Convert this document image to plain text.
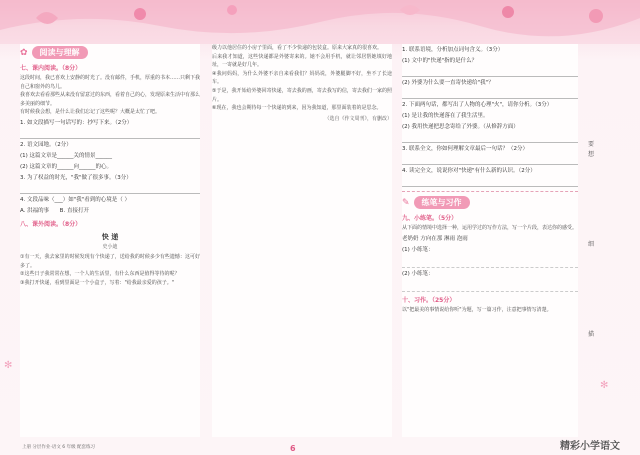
✿	阅读与理解
七、课内阅读。（8分）

这段时间，我已喜欢上安静的时光了。没有邮件，手机，厚重的书本……只剩下我自己和窗外的鸟儿。

我喜欢去看看那些从来没有留意过的东西，看着自己的心，发现原来生活中有那么多美丽的细节。

有时候我会想，是什么让我们忘记了这些呢？大概是太忙了吧。

1. 如文段描写一句话写的：抄写下来。（2分）
2. 语文园地。（2分）
(1) 这篇文章是______关的情景______
(2) 这篇文章的______向______的心。
3. 为了权益的时光，"我"做了很多事。（3分）
4. 文段品味（___）如"我"看到的心境是（ ）
A. 洪福的事 B. 直接打开
八、课外阅读。（8分）
快 递
史小迪

①有一天，我去家里的时候发现有个快递了，送给我的时候多少有些遗憾：这可好多了。

②这些日子我常常在想，一个人的生活里，有什么东西是值得等待的呢？

③我打开快递，看到里面是一个小盒子，写着："给我最亲爱的孩子。"

级力以他居住的小房子里面，看了不少快递的包装盒。原来大家真的很喜欢。

后来我才知道，这些快递都是外婆寄来的。她不会用手机，就让邻居帮她填好地址，一寄就是好几年。

④我问妈妈，为什么外婆不亲自来看我们？妈妈说，外婆腿脚不好，坐不了长途车。

⑤于是，我开始给外婆回寄快递，寄去我的画，寄去我写的信，寄去我们一家的照片。

⑥现在，我也会期待每一个快递的到来，因为我知道，那里面装着的是思念。

（选自《作文周刊》，有删改）
1. 联系语境，分析加点词句含义。（3分）
(1) 文中的"快递"指的是什么？
(2) 外婆为什么要一直寄快递给"我"？
2. 下面两句话，都写出了人物的心理"火"，请你分析。（3分）
(1) 是让我的快递落在了我生活里。
(2) 我用快递把思念寄给了外婆。（从修辞方面）
3. 联系全文，你如何理解文章最后一句话？（2分）
4. 读完全文，说说你对"快递"有什么新的认识。（2分）
✎	练笔与习作
九、小练笔。（5分）

从下面的情境中选择一种，运用学过的写作方法，写一个片段，表达你的感受。

老奶奶 方向在那 淋雨 泡雨
(1) 小练笔：
(2) 小练笔：
十、习作。（25分）

以"把最美的事情说给你听"为题，写一篇习作，注意把事情写清楚。

要
想
细
描
✻
✻
上册 分层作业·语文 6 年级 配套练习	6	精彩小学语文
